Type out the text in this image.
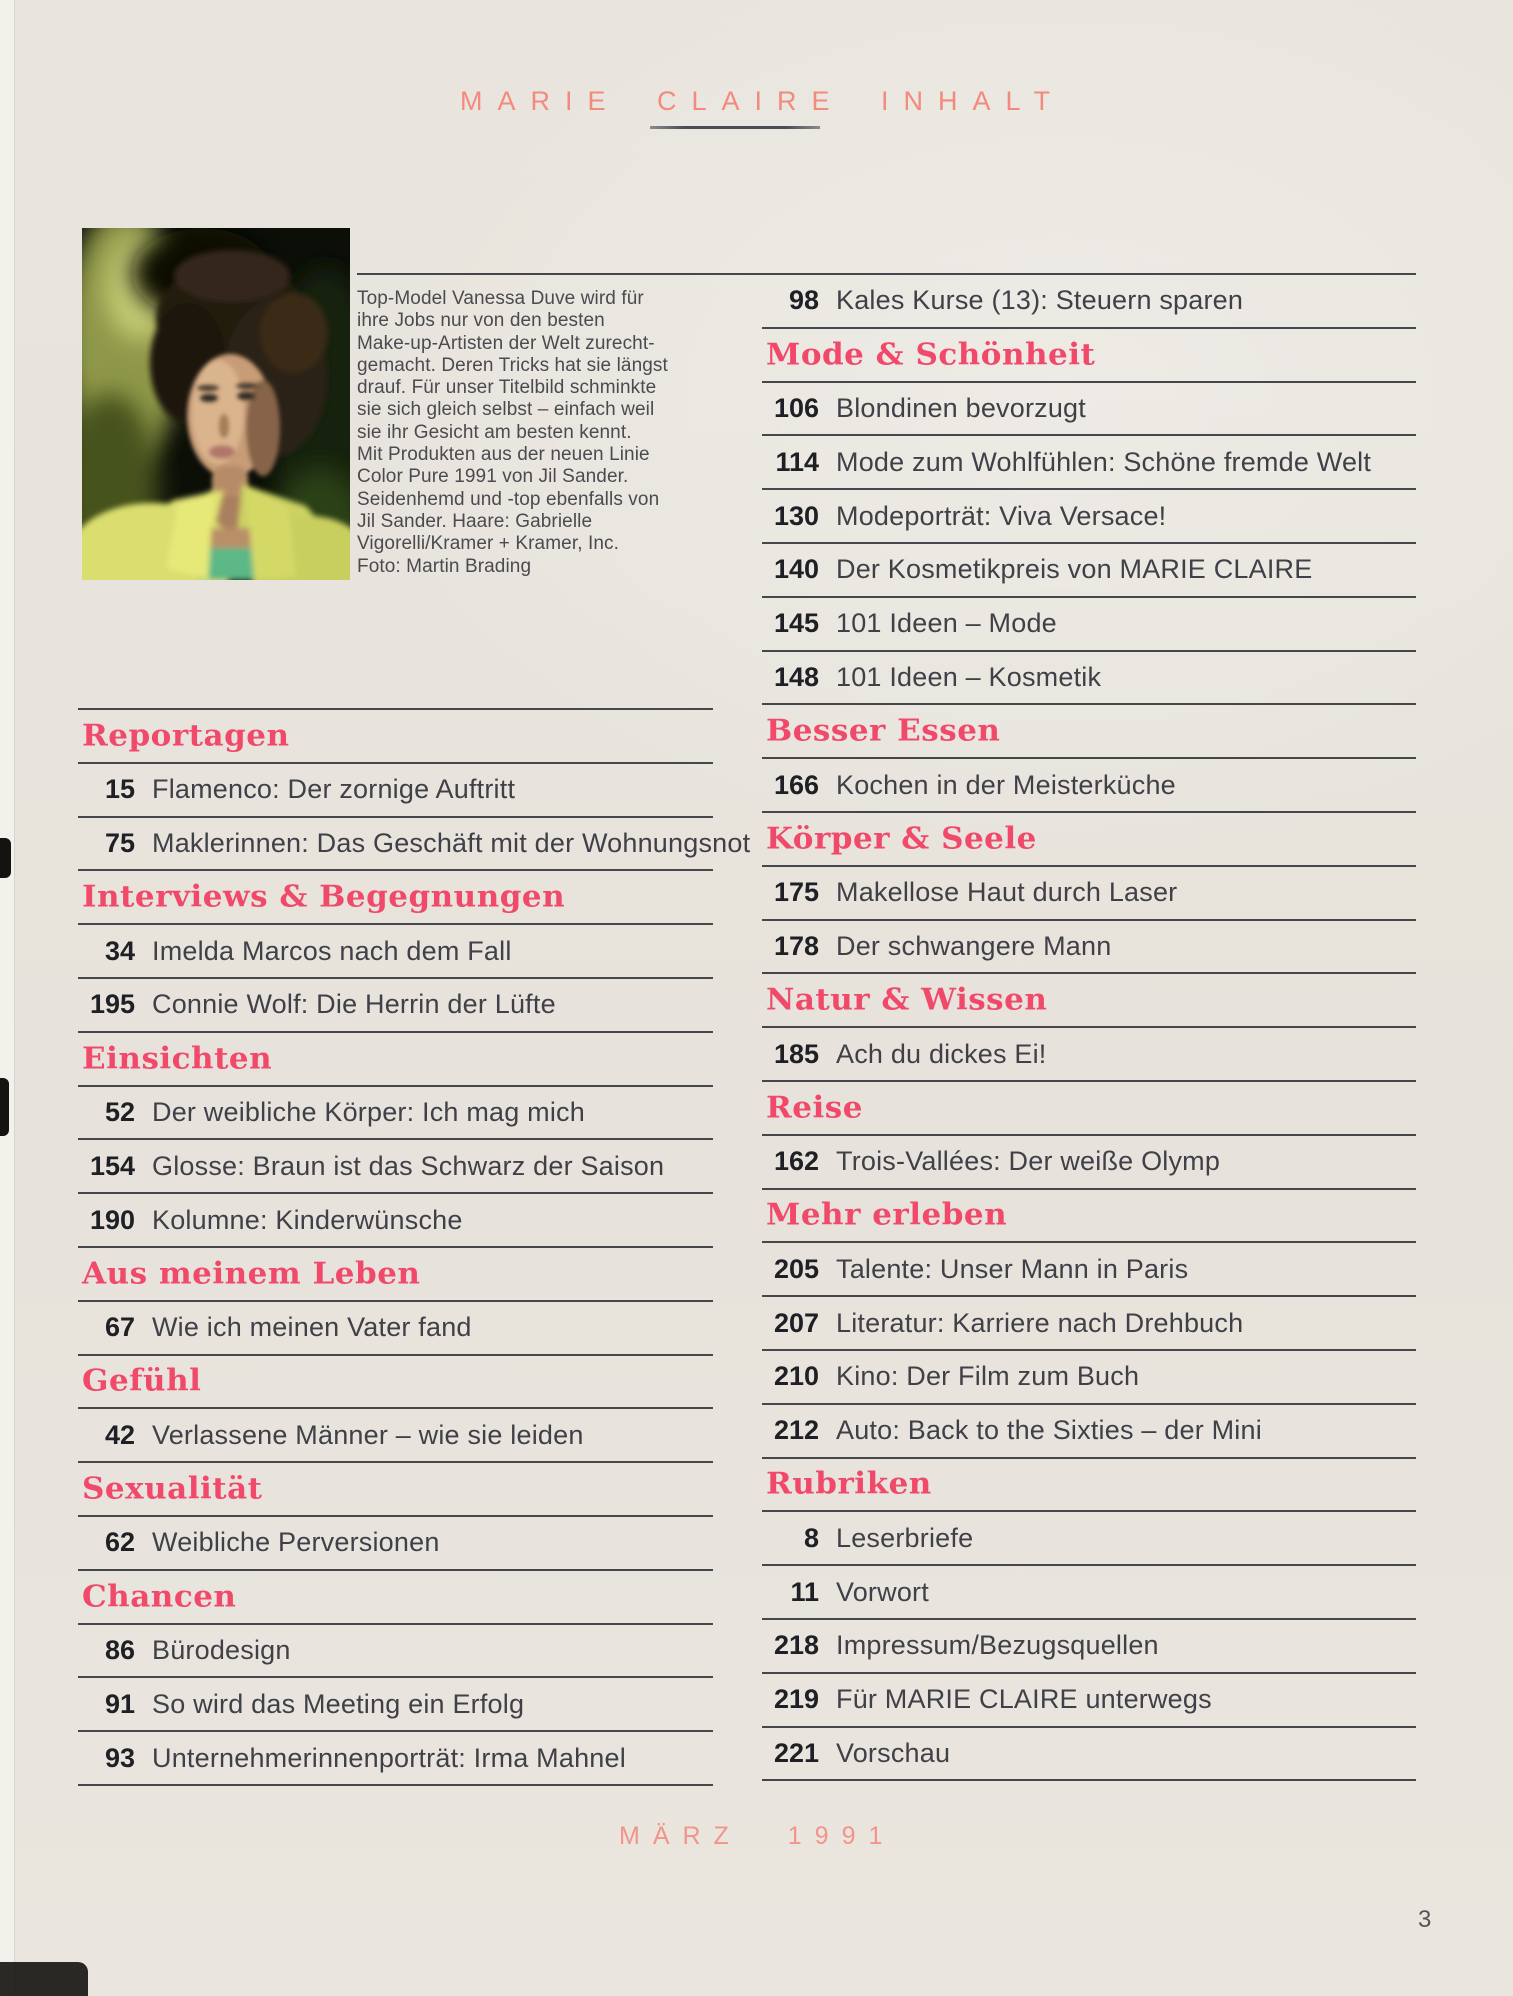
MARIE CLAIRE INHALT
Top-Model Vanessa Duve wird für
ihre Jobs nur von den besten
Make-up-Artisten der Welt zurecht-
gemacht. Deren Tricks hat sie längst
drauf. Für unser Titelbild schminkte
sie sich gleich selbst – einfach weil
sie ihr Gesicht am besten kennt.
Mit Produkten aus der neuen Linie
Color Pure 1991 von Jil Sander.
Seidenhemd und -top ebenfalls von
Jil Sander. Haare: Gabrielle
Vigorelli/Kramer + Kramer, Inc.
Foto: Martin Brading
Reportagen
15 Flamenco: Der zornige Auftritt
75 Maklerinnen: Das Geschäft mit der Wohnungsnot
Interviews & Begegnungen
34 Imelda Marcos nach dem Fall
195 Connie Wolf: Die Herrin der Lüfte
Einsichten
52 Der weibliche Körper: Ich mag mich
154 Glosse: Braun ist das Schwarz der Saison
190 Kolumne: Kinderwünsche
Aus meinem Leben
67 Wie ich meinen Vater fand
Gefühl
42 Verlassene Männer – wie sie leiden
Sexualität
62 Weibliche Perversionen
Chancen
86 Bürodesign
91 So wird das Meeting ein Erfolg
93 Unternehmerinnenporträt: Irma Mahnel
98 Kales Kurse (13): Steuern sparen
Mode & Schönheit
106 Blondinen bevorzugt
114 Mode zum Wohlfühlen: Schöne fremde Welt
130 Modeporträt: Viva Versace!
140 Der Kosmetikpreis von MARIE CLAIRE
145 101 Ideen – Mode
148 101 Ideen – Kosmetik
Besser Essen
166 Kochen in der Meisterküche
Körper & Seele
175 Makellose Haut durch Laser
178 Der schwangere Mann
Natur & Wissen
185 Ach du dickes Ei!
Reise
162 Trois-Vallées: Der weiße Olymp
Mehr erleben
205 Talente: Unser Mann in Paris
207 Literatur: Karriere nach Drehbuch
210 Kino: Der Film zum Buch
212 Auto: Back to the Sixties – der Mini
Rubriken
8 Leserbriefe
11 Vorwort
218 Impressum/Bezugsquellen
219 Für MARIE CLAIRE unterwegs
221 Vorschau
MÄRZ 1991
3
